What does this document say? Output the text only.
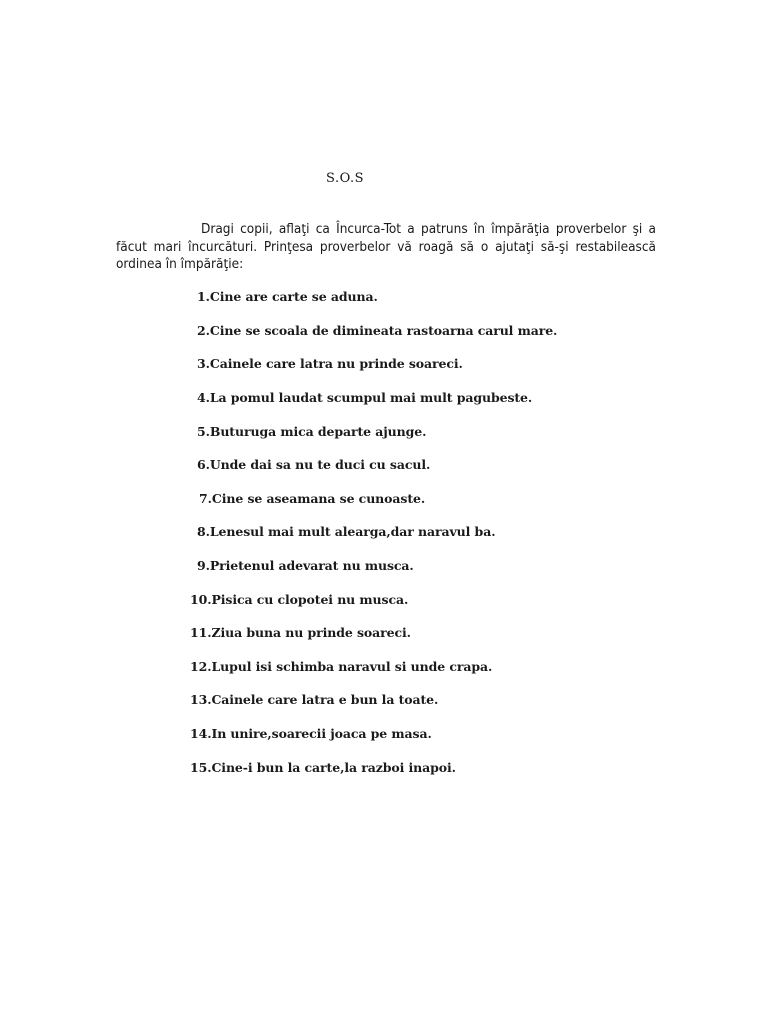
S.O.S
Dragi copii, aflaţi ca Încurca-Tot a patruns în împărăţia proverbelor şi a făcut mari încurcături. Prinţesa proverbelor vă roagă să o ajutaţi să-şi restabilească ordinea în împărăţie:
1.Cine are carte se aduna.
2.Cine se scoala de dimineata rastoarna carul mare.
3.Cainele care latra nu prinde soareci.
4.La pomul laudat scumpul mai mult pagubeste.
5.Buturuga mica departe ajunge.
6.Unde dai sa nu te duci cu sacul.
7.Cine se aseamana se cunoaste.
8.Lenesul mai mult alearga,dar naravul ba.
9.Prietenul adevarat nu musca.
10.Pisica cu clopotei nu musca.
11.Ziua buna nu prinde soareci.
12.Lupul isi schimba naravul si unde crapa.
13.Cainele care latra e bun la toate.
14.In unire,soarecii joaca pe masa.
15.Cine-i bun la carte,la razboi inapoi.
